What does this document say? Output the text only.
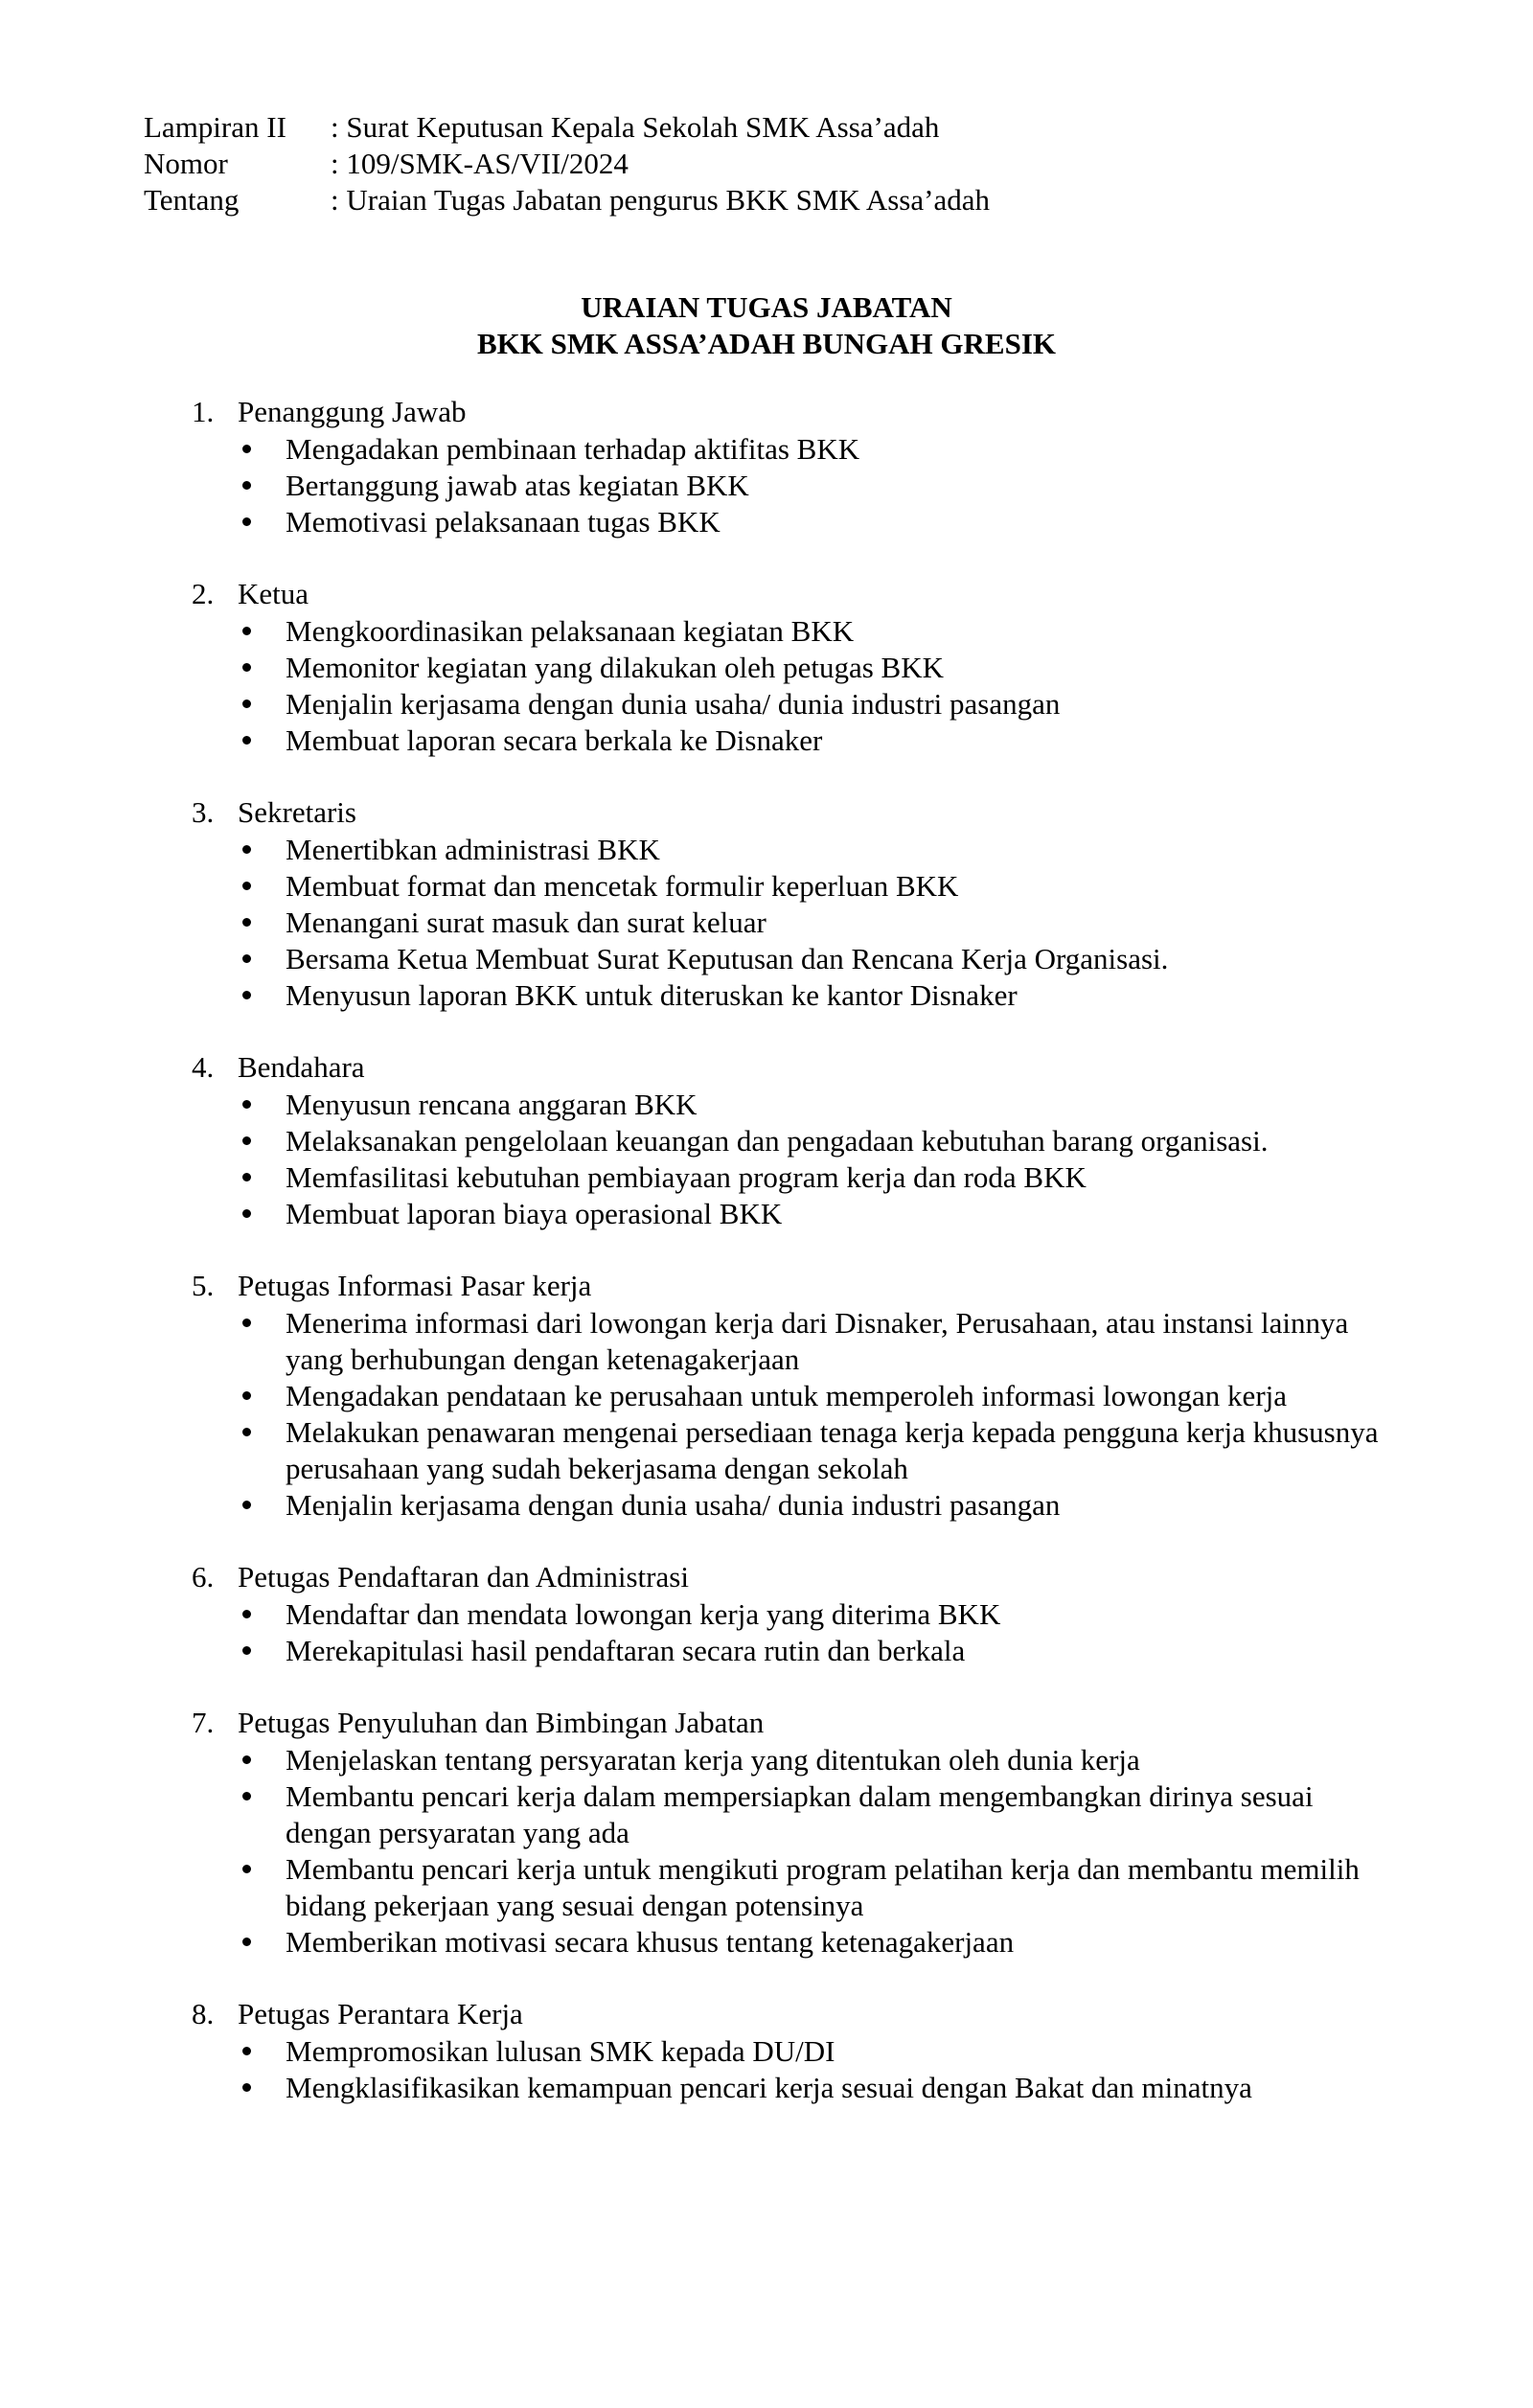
Lampiran II	: Surat Keputusan Kepala Sekolah SMK Assa’adah
Nomor	: 109/SMK-AS/VII/2024
Tentang	: Uraian Tugas Jabatan pengurus BKK SMK Assa’adah
URAIAN TUGAS JABATAN
BKK SMK ASSA’ADAH BUNGAH GRESIK
1. Penanggung Jawab
Mengadakan pembinaan terhadap aktifitas BKK
Bertanggung jawab atas kegiatan BKK
Memotivasi pelaksanaan tugas BKK
2. Ketua
Mengkoordinasikan pelaksanaan kegiatan BKK
Memonitor kegiatan yang dilakukan oleh petugas BKK
Menjalin kerjasama dengan dunia usaha/ dunia industri pasangan
Membuat laporan secara berkala ke Disnaker
3. Sekretaris
Menertibkan administrasi BKK
Membuat format dan mencetak formulir keperluan BKK
Menangani surat masuk dan surat keluar
Bersama Ketua Membuat Surat Keputusan dan Rencana Kerja Organisasi.
Menyusun laporan BKK untuk diteruskan ke kantor Disnaker
4. Bendahara
Menyusun rencana anggaran BKK
Melaksanakan pengelolaan keuangan dan pengadaan kebutuhan barang organisasi.
Memfasilitasi kebutuhan pembiayaan program kerja dan roda BKK
Membuat laporan biaya operasional BKK
5. Petugas Informasi Pasar kerja
Menerima informasi dari lowongan kerja dari Disnaker, Perusahaan, atau instansi lainnya yang berhubungan dengan ketenagakerjaan
Mengadakan pendataan ke perusahaan untuk memperoleh informasi lowongan kerja
Melakukan penawaran mengenai persediaan tenaga kerja kepada pengguna kerja khususnya perusahaan yang sudah bekerjasama dengan sekolah
Menjalin kerjasama dengan dunia usaha/ dunia industri pasangan
6. Petugas Pendaftaran dan Administrasi
Mendaftar dan mendata lowongan kerja yang diterima BKK
Merekapitulasi hasil pendaftaran secara rutin dan berkala
7. Petugas Penyuluhan dan Bimbingan Jabatan
Menjelaskan tentang persyaratan kerja yang ditentukan oleh dunia kerja
Membantu pencari kerja dalam mempersiapkan dalam mengembangkan dirinya sesuai dengan persyaratan yang ada
Membantu pencari kerja untuk mengikuti program pelatihan kerja dan membantu memilih bidang pekerjaan yang sesuai dengan potensinya
Memberikan motivasi secara khusus tentang ketenagakerjaan
8. Petugas Perantara Kerja
Mempromosikan lulusan SMK kepada DU/DI
Mengklasifikasikan kemampuan pencari kerja sesuai dengan Bakat dan minatnya
